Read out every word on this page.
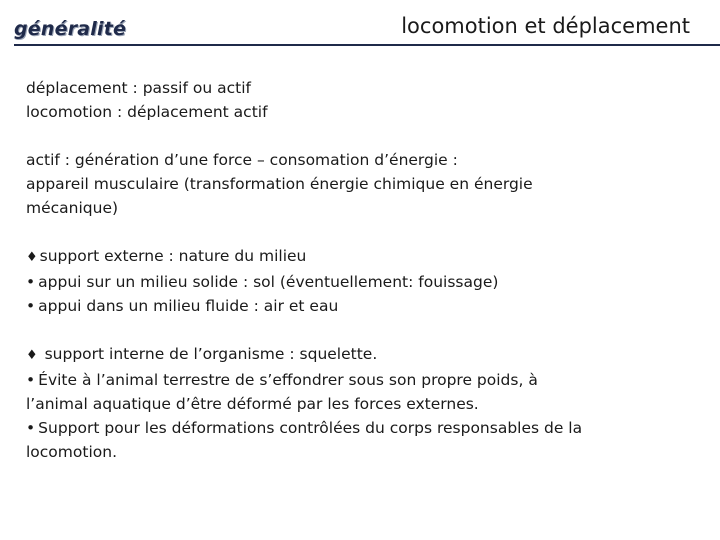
généralité	locomotion et déplacement
déplacement : passif ou actif
locomotion : déplacement actif
actif : génération d’une force – consomation d’énergie :
appareil musculaire (transformation énergie chimique en énergie
mécanique)
♦ support externe : nature du milieu
• appui sur un milieu solide : sol (éventuellement: fouissage)
• appui dans un milieu fluide : air et eau
♦ support interne de l’organisme : squelette.
• Évite à l’animal terrestre de s’effondrer sous son propre poids, à
l’animal aquatique d’être déformé par les forces externes.
• Support pour les déformations contrôlées du corps responsables de la
locomotion.
